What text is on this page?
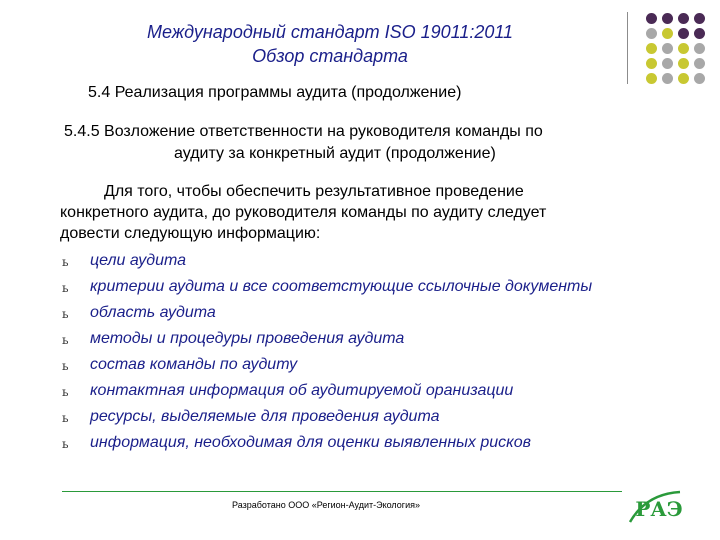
Международный стандарт ISO 19011:2011
Обзор стандарта
5.4 Реализация программы аудита (продолжение)
5.4.5 Возложение ответственности на руководителя команды по
аудиту за конкретный аудит (продолжение)
Для того, чтобы обеспечить результативное проведение
конкретного аудита, до руководителя команды по аудиту следует
довести следующую информацию:
ь цели аудита
ь критерии аудита и все соответстующие ссылочные документы
ь область аудита
ь методы и процедуры проведения аудита
ь состав команды по аудиту
ь контактная информация об аудитируемой оранизации
ь ресурсы, выделяемые для проведения аудита
ь информация, необходимая для оценки выявленных рисков
Разработано ООО «Регион-Аудит-Экология»	РАЭ
